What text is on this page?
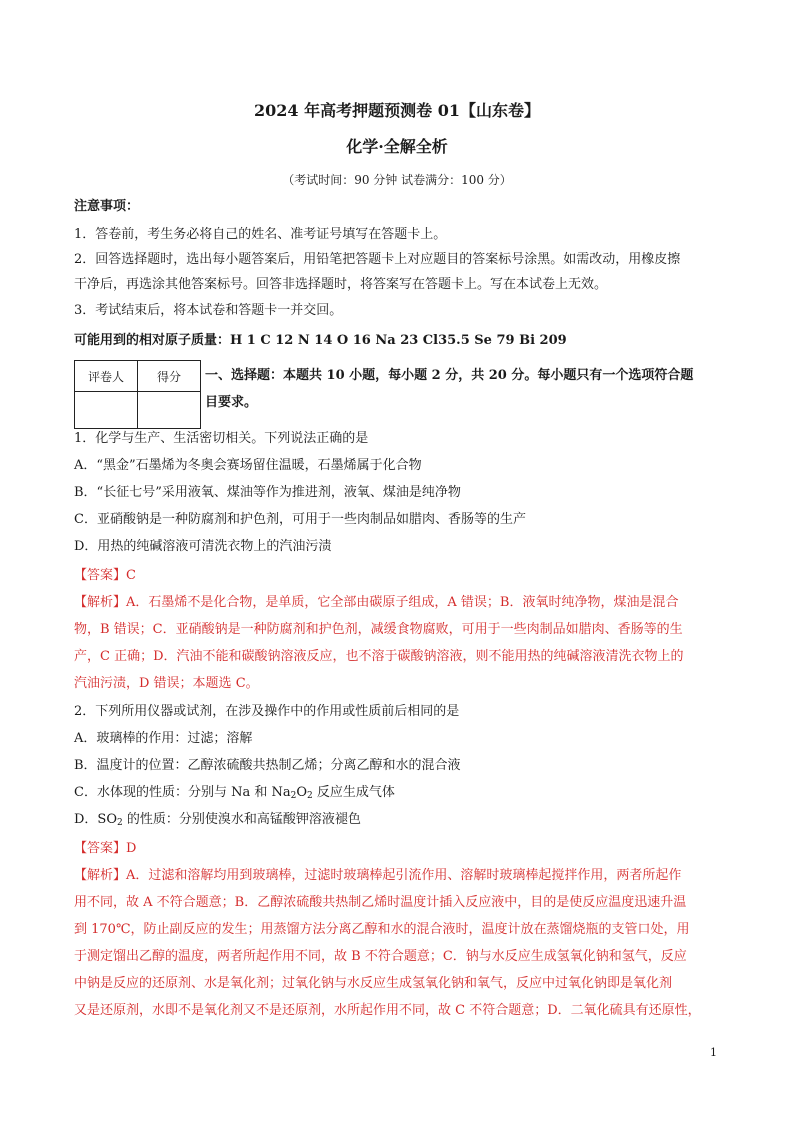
2024 年高考押题预测卷 01【山东卷】
化学·全解全析
（考试时间：90 分钟 试卷满分：100 分）
注意事项：
1．答卷前，考生务必将自己的姓名、准考证号填写在答题卡上。
2．回答选择题时，选出每小题答案后，用铅笔把答题卡上对应题目的答案标号涂黑。如需改动，用橡皮擦
干净后，再选涂其他答案标号。回答非选择题时，将答案写在答题卡上。写在本试卷上无效。
3．考试结束后，将本试卷和答题卡一并交回。
可能用到的相对原子质量：H 1 C 12 N 14 O 16 Na 23 Cl35.5 Se 79 Bi 209
评卷人	得分
	一、选择题：本题共 10 小题，每小题 2 分，共 20 分。每小题只有一个选项符合题
目要求。
1．化学与生产、生活密切相关。下列说法正确的是
A．“黑金”石墨烯为冬奥会赛场留住温暖，石墨烯属于化合物
B．“长征七号”采用液氧、煤油等作为推进剂，液氧、煤油是纯净物
C．亚硝酸钠是一种防腐剂和护色剂，可用于一些肉制品如腊肉、香肠等的生产
D．用热的纯碱溶液可清洗衣物上的汽油污渍
【答案】C
【解析】A．石墨烯不是化合物，是单质，它全部由碳原子组成，A 错误；B．液氧时纯净物，煤油是混合
物，B 错误；C．亚硝酸钠是一种防腐剂和护色剂，减缓食物腐败，可用于一些肉制品如腊肉、香肠等的生
产，C 正确；D．汽油不能和碳酸钠溶液反应，也不溶于碳酸钠溶液，则不能用热的纯碱溶液清洗衣物上的
汽油污渍，D 错误；本题选 C。
2．下列所用仪器或试剂，在涉及操作中的作用或性质前后相同的是
A．玻璃棒的作用：过滤；溶解
B．温度计的位置：乙醇浓硫酸共热制乙烯；分离乙醇和水的混合液
C．水体现的性质：分别与 Na 和 $Na_2O_2$ 反应生成气体
D．$SO_2$ 的性质：分别使溴水和高锰酸钾溶液褪色
【答案】D
【解析】A．过滤和溶解均用到玻璃棒，过滤时玻璃棒起引流作用、溶解时玻璃棒起搅拌作用，两者所起作
用不同，故 A 不符合题意；B．乙醇浓硫酸共热制乙烯时温度计插入反应液中，目的是使反应温度迅速升温
到 170℃，防止副反应的发生；用蒸馏方法分离乙醇和水的混合液时，温度计放在蒸馏烧瓶的支管口处，用
于测定馏出乙醇的温度，两者所起作用不同，故 B 不符合题意；C．钠与水反应生成氢氧化钠和氢气，反应
中钠是反应的还原剂、水是氧化剂；过氧化钠与水反应生成氢氧化钠和氧气，反应中过氧化钠即是氧化剂
又是还原剂，水即不是氧化剂又不是还原剂，水所起作用不同，故 C 不符合题意；D．二氧化硫具有还原性，
1
